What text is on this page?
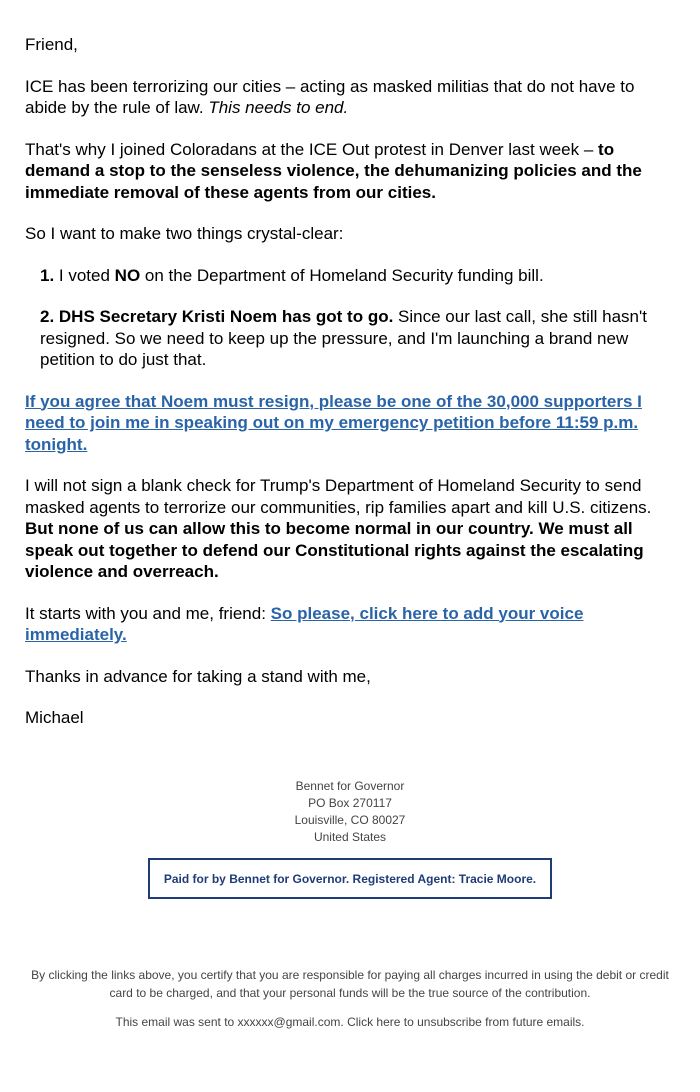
Friend,

ICE has been terrorizing our cities – acting as masked militias that do not have to abide by the rule of law. This needs to end.

That's why I joined Coloradans at the ICE Out protest in Denver last week – to demand a stop to the senseless violence, the dehumanizing policies and the immediate removal of these agents from our cities.

So I want to make two things crystal-clear:

1. I voted NO on the Department of Homeland Security funding bill.

2. DHS Secretary Kristi Noem has got to go. Since our last call, she still hasn't resigned. So we need to keep up the pressure, and I'm launching a brand new petition to do just that.

If you agree that Noem must resign, please be one of the 30,000 supporters I need to join me in speaking out on my emergency petition before 11:59 p.m. tonight.

I will not sign a blank check for Trump's Department of Homeland Security to send masked agents to terrorize our communities, rip families apart and kill U.S. citizens. But none of us can allow this to become normal in our country. We must all speak out together to defend our Constitutional rights against the escalating violence and overreach.

It starts with you and me, friend: So please, click here to add your voice immediately.

Thanks in advance for taking a stand with me,

Michael

Bennet for Governor
PO Box 270117
Louisville, CO 80027
United States
Paid for by Bennet for Governor. Registered Agent: Tracie Moore.
By clicking the links above, you certify that you are responsible for paying all charges incurred in using the debit or credit card to be charged, and that your personal funds will be the true source of the contribution.
This email was sent to xxxxxx@gmail.com. Click here to unsubscribe from future emails.
